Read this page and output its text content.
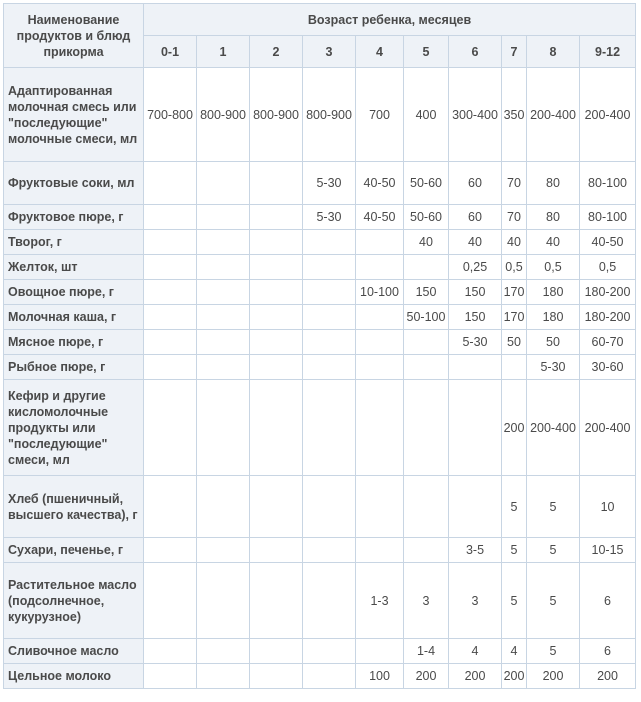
Наименование продуктов и блюд прикорма	Возраст ребенка, месяцев									
	0-1	1	2	3	4	5	6	7	8	9-12
Адаптированная молочная смесь или "последующие" молочные смеси, мл	700-800	800-900	800-900	800-900	700	400	300-400	350	200-400	200-400
Фруктовые соки, мл				5-30	40-50	50-60	60	70	80	80-100
Фруктовое пюре, г				5-30	40-50	50-60	60	70	80	80-100
Творог, г						40	40	40	40	40-50
Желток, шт							0,25	0,5	0,5	0,5
Овощное пюре, г					10-100	150	150	170	180	180-200
Молочная каша, г						50-100	150	170	180	180-200
Мясное пюре, г							5-30	50	50	60-70
Рыбное пюре, г									5-30	30-60
Кефир и другие кисломолочные продукты или "последующие" смеси, мл								200	200-400	200-400
Хлеб (пшеничный, высшего качества), г								5	5	10
Сухари, печенье, г							3-5	5	5	10-15
Растительное масло (подсолнечное, кукурузное)					1-3	3	3	5	5	6
Сливочное масло						1-4	4	4	5	6
Цельное молоко					100	200	200	200	200	200
